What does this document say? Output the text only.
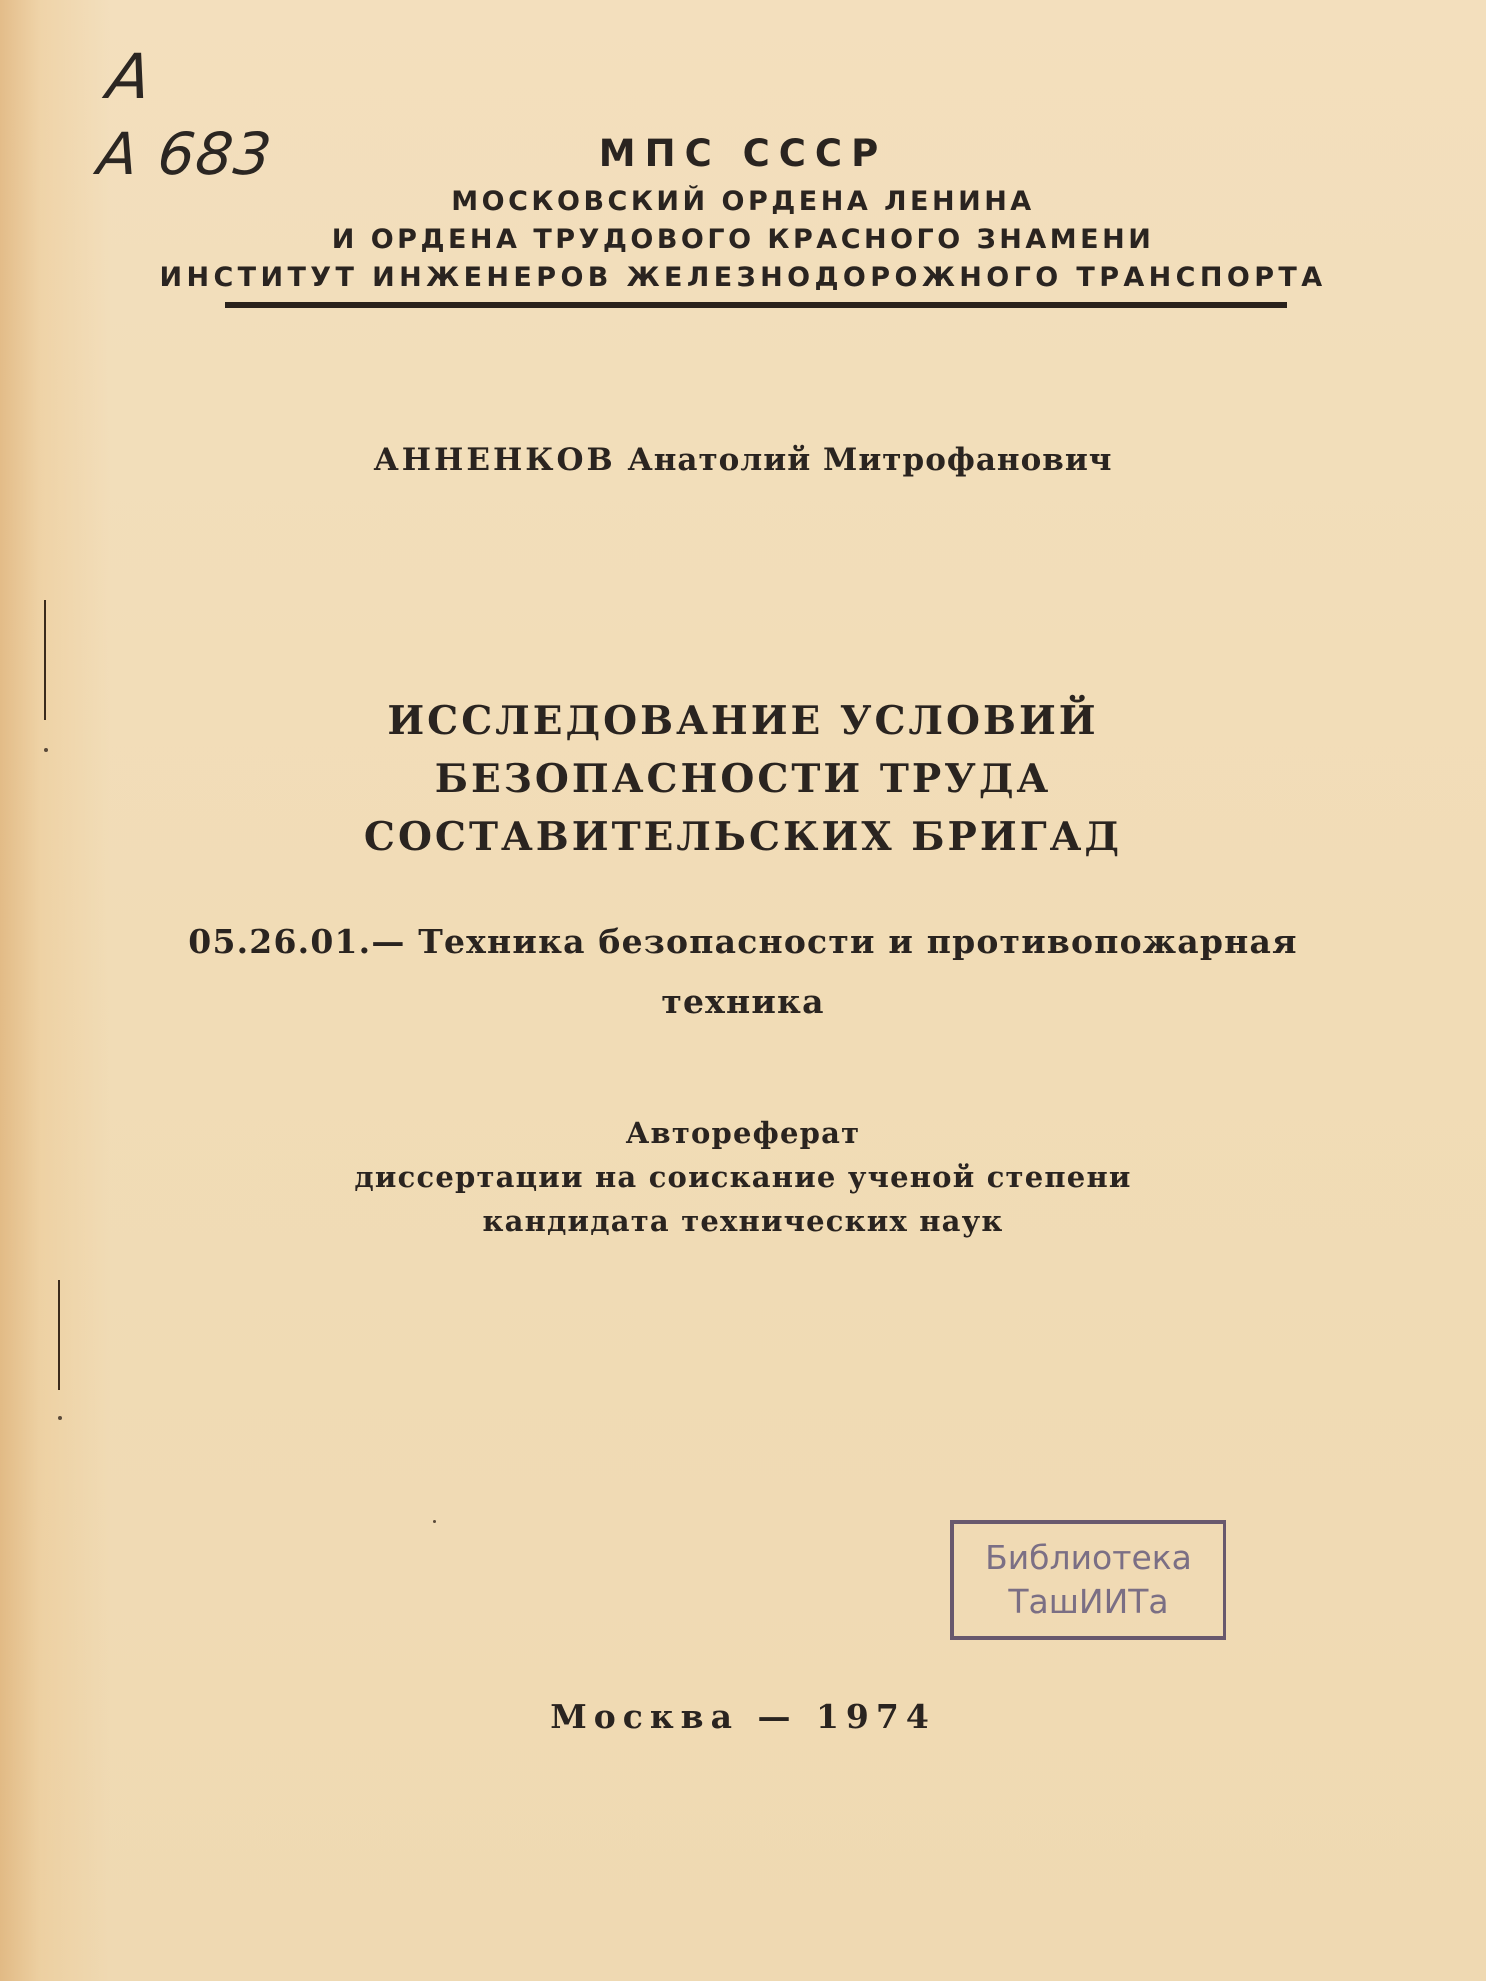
A
A 683	МПС СССР
МОСКОВСКИЙ ОРДЕНА ЛЕНИНА
И ОРДЕНА ТРУДОВОГО КРАСНОГО ЗНАМЕНИ
ИНСТИТУТ ИНЖЕНЕРОВ ЖЕЛЕЗНОДОРОЖНОГО ТРАНСПОРТА
АННЕНКОВ Анатолий Митрофанович
ИССЛЕДОВАНИЕ УСЛОВИЙ
БЕЗОПАСНОСТИ ТРУДА
СОСТАВИТЕЛЬСКИХ БРИГАД
05.26.01.— Техника безопасности и противопожарная
техника
Автореферат
диссертации на соискание ученой степени
кандидата технических наук
Библиотека
ТашИИТа
Москва — 1974
